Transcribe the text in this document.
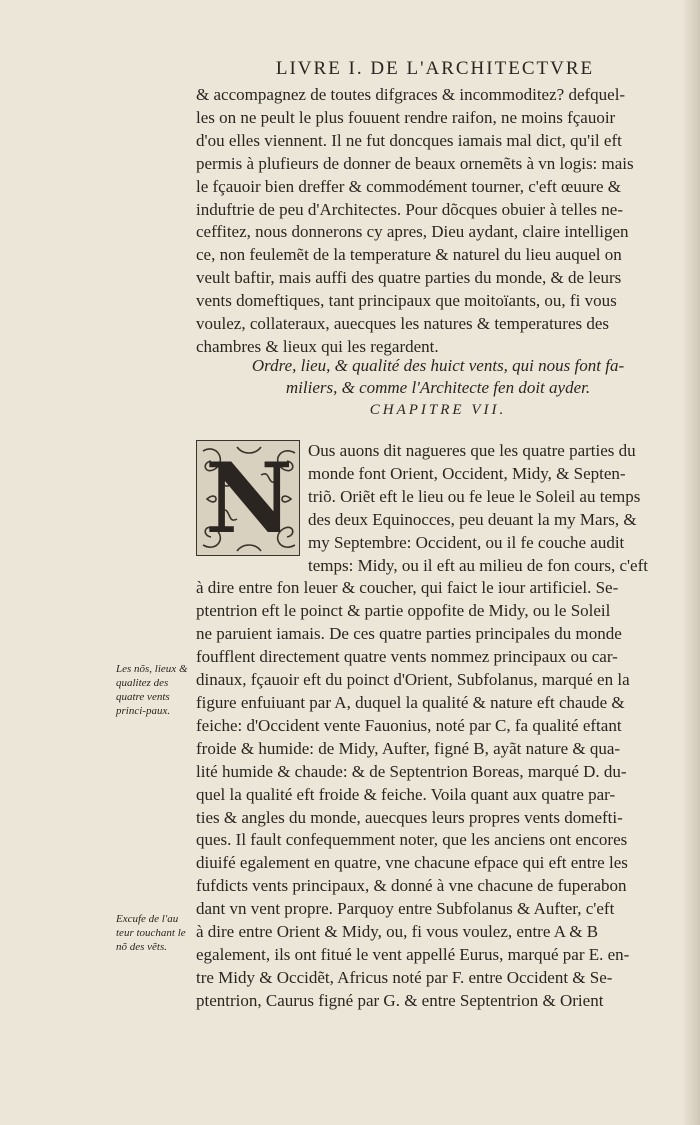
LIVRE I. DE L'ARCHITECTVRE

& accompagnez de toutes difgraces & incommoditez? defquel-

les on ne peult le plus fouuent rendre raifon, ne moins fçauoir

d'ou elles viennent. Il ne fut doncques iamais mal dict, qu'il eft

permis à plufieurs de donner de beaux ornemẽts à vn logis: mais

le fçauoir bien dreffer & commodément tourner, c'eft œuure &

induftrie de peu d'Architectes. Pour dõcques obuier à telles ne-

ceffitez, nous donnerons cy apres, Dieu aydant, claire intelligen

ce, non feulemẽt de la temperature & naturel du lieu auquel on

veult baftir, mais auffi des quatre parties du monde, & de leurs

vents domeftiques, tant principaux que moitoïants, ou, fi vous

voulez, collateraux, auecques les natures & temperatures des

chambres & lieux qui les regardent.

Ordre, lieu, & qualité des huict vents, qui nous font fa-
miliers, & comme l'Architecte fen doit ayder.
CHAPITRE VII.
N Ous auons dit nagueres que les quatre parties du
monde font Orient, Occident, Midy, & Septen-
triõ. Oriẽt eft le lieu ou fe leue le Soleil au temps
des deux Equinocces, peu deuant la my Mars, &
my Septembre: Occident, ou il fe couche audit
temps: Midy, ou il eft au milieu de fon cours, c'eft
à dire entre fon leuer & coucher, qui faict le iour artificiel. Se-
ptentrion eft le poinct & partie oppofite de Midy, ou le Soleil
ne paruient iamais. De ces quatre parties principales du monde
foufflent directement quatre vents nommez principaux ou car-
dinaux, fçauoir eft du poinct d'Orient, Subfolanus, marqué en la
figure enfuiuant par A, duquel la qualité & nature eft chaude &
feiche: d'Occident vente Fauonius, noté par C, fa qualité eftant
froide & humide: de Midy, Aufter, figné B, ayãt nature & qua-
lité humide & chaude: & de Septentrion Boreas, marqué D. du-
quel la qualité eft froide & feiche. Voila quant aux quatre par-
ties & angles du monde, auecques leurs propres vents domefti-
ques. Il fault confequemment noter, que les anciens ont encores
diuifé egalement en quatre, vne chacune efpace qui eft entre les
fufdicts vents principaux, & donné à vne chacune de fuperabon
dant vn vent propre. Parquoy entre Subfolanus & Aufter, c'eft
à dire entre Orient & Midy, ou, fi vous voulez, entre A & B
egalement, ils ont fitué le vent appellé Eurus, marqué par E. en-
tre Midy & Occidẽt, Africus noté par F. entre Occident & Se-
ptentrion, Caurus figné par G. & entre Septentrion & Orient
Les nõs, lieux & qualitez des quatre vents princi-paux.
Excufe de l'au teur touchant le nõ des vẽts.
